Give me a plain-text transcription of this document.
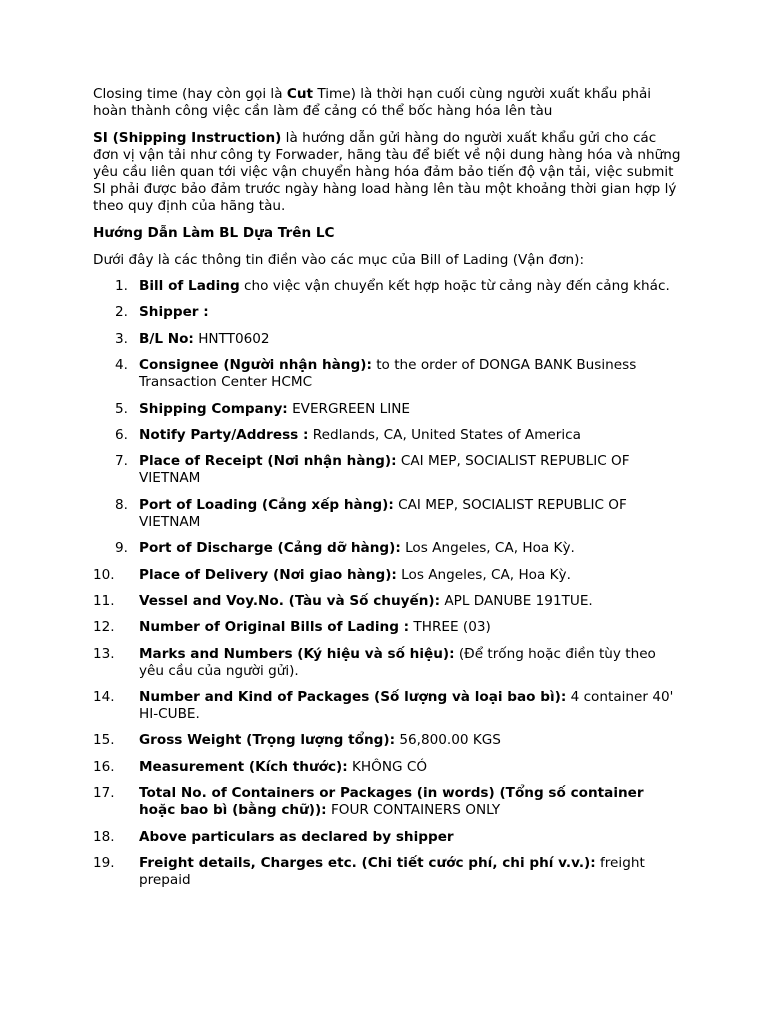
Closing time (hay còn gọi là Cut Time) là thời hạn cuối cùng người xuất khẩu phải hoàn thành công việc cần làm để cảng có thể bốc hàng hóa lên tàu

SI (Shipping Instruction) là hướng dẫn gửi hàng do người xuất khẩu gửi cho các đơn vị vận tải như công ty Forwader, hãng tàu để biết về nội dung hàng hóa và những yêu cầu liên quan tới việc vận chuyển hàng hóa đảm bảo tiến độ vận tải, việc submit SI phải được bảo đảm trước ngày hàng load hàng lên tàu một khoảng thời gian hợp lý theo quy định của hãng tàu.

Hướng Dẫn Làm BL Dựa Trên LC

Dưới đây là các thông tin điền vào các mục của Bill of Lading (Vận đơn):

1. Bill of Lading cho việc vận chuyển kết hợp hoặc từ cảng này đến cảng khác.
2. Shipper :
3. B/L No: HNTT0602
4. Consignee (Người nhận hàng): to the order of DONGA BANK Business Transaction Center HCMC
5. Shipping Company: EVERGREEN LINE
6. Notify Party/Address : Redlands, CA, United States of America
7. Place of Receipt (Nơi nhận hàng): CAI MEP, SOCIALIST REPUBLIC OF VIETNAM
8. Port of Loading (Cảng xếp hàng): CAI MEP, SOCIALIST REPUBLIC OF VIETNAM
9. Port of Discharge (Cảng dỡ hàng): Los Angeles, CA, Hoa Kỳ.
10.	Place of Delivery (Nơi giao hàng): Los Angeles, CA, Hoa Kỳ.
11.	Vessel and Voy.No. (Tàu và Số chuyến): APL DANUBE 191TUE.
12.	Number of Original Bills of Lading : THREE (03)
13.	Marks and Numbers (Ký hiệu và số hiệu): (Để trống hoặc điền tùy theo yêu cầu của người gửi).
14.	Number and Kind of Packages (Số lượng và loại bao bì): 4 container 40' HI-CUBE.
15.	Gross Weight (Trọng lượng tổng): 56,800.00 KGS
16.	Measurement (Kích thước): KHÔNG CÓ
17.	Total No. of Containers or Packages (in words) (Tổng số container hoặc bao bì (bằng chữ)): FOUR CONTAINERS ONLY
18.	Above particulars as declared by shipper
19.	Freight details, Charges etc. (Chi tiết cước phí, chi phí v.v.): freight prepaid
